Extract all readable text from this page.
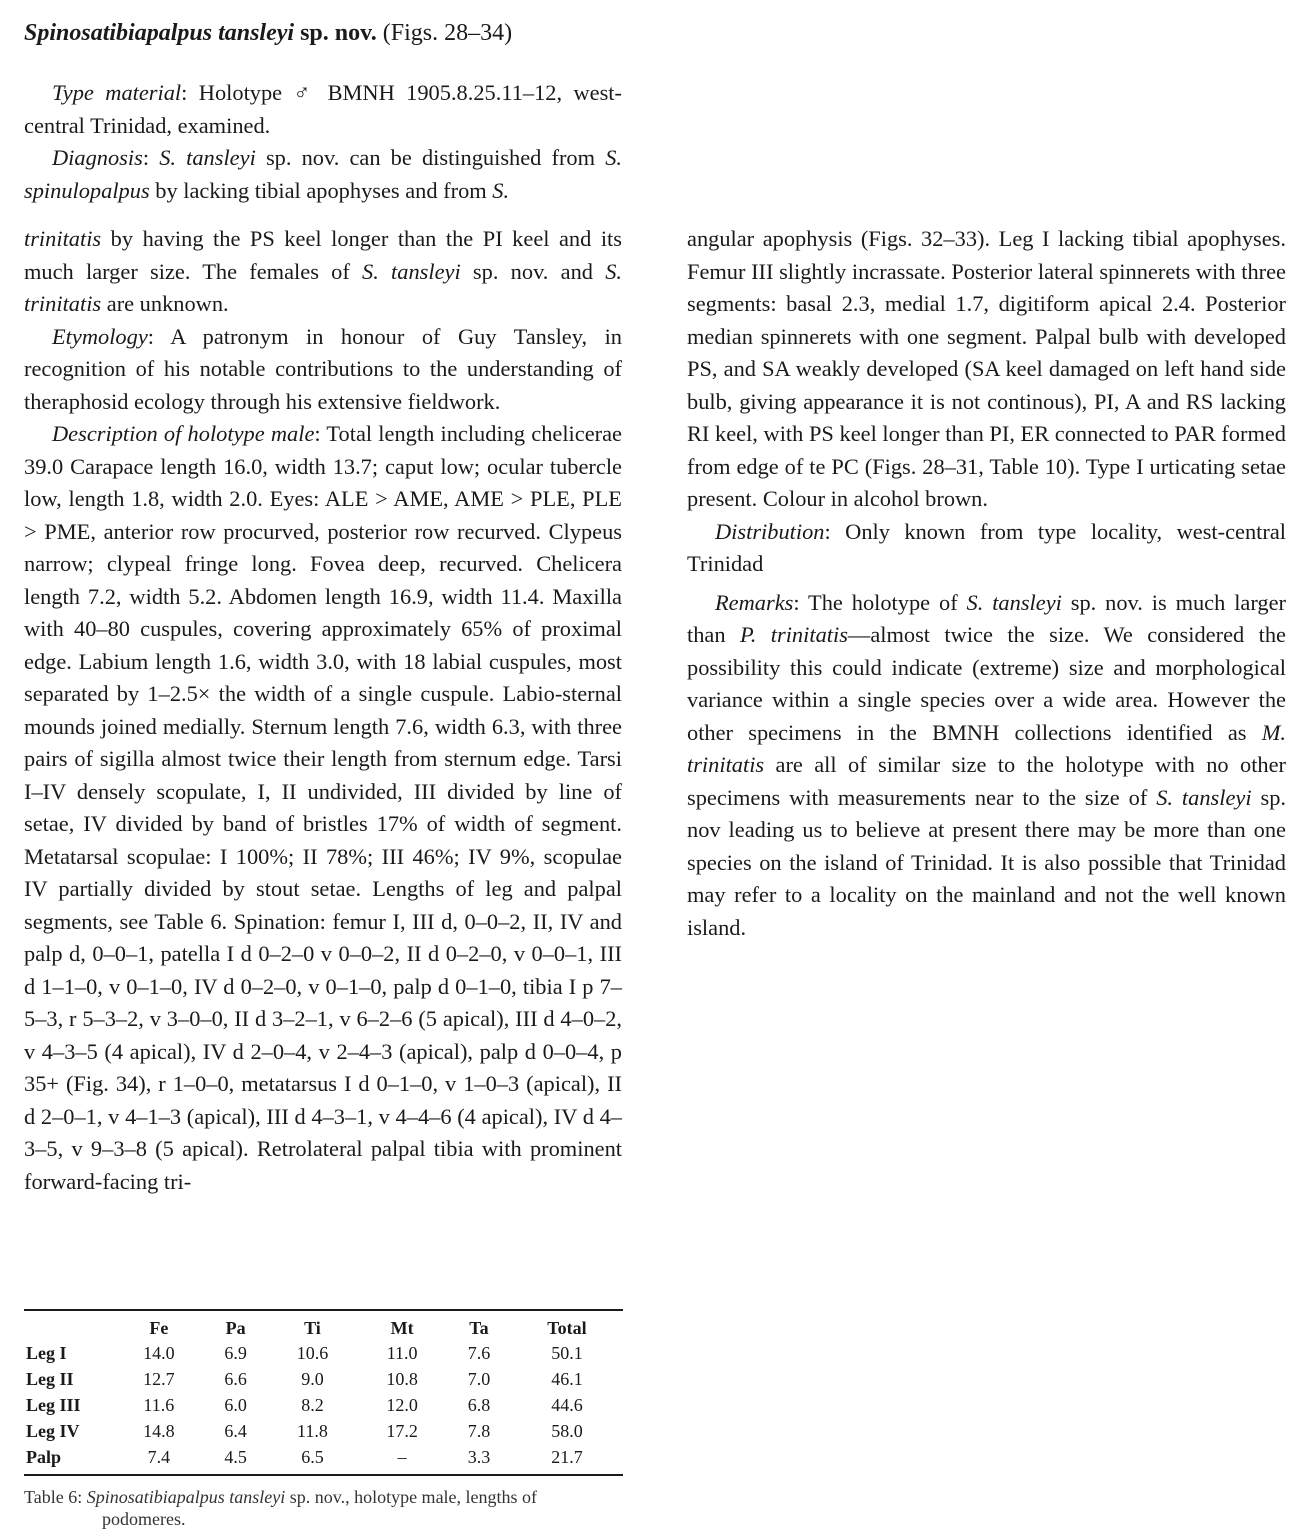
Spinosatibiapalpus tansleyi sp. nov. (Figs. 28–34)

Type material: Holotype ♂ BMNH 1905.8.25.11–12, west-central Trinidad, examined.

Diagnosis: S. tansleyi sp. nov. can be distinguished from S. spinulopalpus by lacking tibial apophyses and from S.

trinitatis by having the PS keel longer than the PI keel and its much larger size. The females of S. tansleyi sp. nov. and S. trinitatis are unknown.

Etymology: A patronym in honour of Guy Tansley, in recognition of his notable contributions to the understanding of theraphosid ecology through his extensive fieldwork.

Description of holotype male: Total length including chelicerae 39.0 Carapace length 16.0, width 13.7; caput low; ocular tubercle low, length 1.8, width 2.0. Eyes: ALE > AME, AME > PLE, PLE > PME, anterior row procurved, posterior row recurved. Clypeus narrow; clypeal fringe long. Fovea deep, recurved. Chelicera length 7.2, width 5.2. Abdomen length 16.9, width 11.4. Maxilla with 40–80 cuspules, covering approximately 65% of proximal edge. Labium length 1.6, width 3.0, with 18 labial cuspules, most separated by 1–2.5× the width of a single cuspule. Labio-sternal mounds joined medially. Sternum length 7.6, width 6.3, with three pairs of sigilla almost twice their length from sternum edge. Tarsi I–IV densely scopulate, I, II undivided, III divided by line of setae, IV divided by band of bristles 17% of width of segment. Metatarsal scopulae: I 100%; II 78%; III 46%; IV 9%, scopulae IV partially divided by stout setae. Lengths of leg and palpal segments, see Table 6. Spination: femur I, III d, 0–0–2, II, IV and palp d, 0–0–1, patella I d 0–2–0 v 0–0–2, II d 0–2–0, v 0–0–1, III d 1–1–0, v 0–1–0, IV d 0–2–0, v 0–1–0, palp d 0–1–0, tibia I p 7–5–3, r 5–3–2, v 3–0–0, II d 3–2–1, v 6–2–6 (5 apical), III d 4–0–2, v 4–3–5 (4 apical), IV d 2–0–4, v 2–4–3 (apical), palp d 0–0–4, p 35+ (Fig. 34), r 1–0–0, metatarsus I d 0–1–0, v 1–0–3 (apical), II d 2–0–1, v 4–1–3 (apical), III d 4–3–1, v 4–4–6 (4 apical), IV d 4–3–5, v 9–3–8 (5 apical). Retrolateral palpal tibia with prominent forward-facing tri-

angular apophysis (Figs. 32–33). Leg I lacking tibial apophyses. Femur III slightly incrassate. Posterior lateral spinnerets with three segments: basal 2.3, medial 1.7, digitiform apical 2.4. Posterior median spinnerets with one segment. Palpal bulb with developed PS, and SA weakly developed (SA keel damaged on left hand side bulb, giving appearance it is not continous), PI, A and RS lacking RI keel, with PS keel longer than PI, ER connected to PAR formed from edge of te PC (Figs. 28–31, Table 10). Type I urticating setae present. Colour in alcohol brown.

Distribution: Only known from type locality, west-central Trinidad

Remarks: The holotype of S. tansleyi sp. nov. is much larger than P. trinitatis—almost twice the size. We considered the possibility this could indicate (extreme) size and morphological variance within a single species over a wide area. However the other specimens in the BMNH collections identified as M. trinitatis are all of similar size to the holotype with no other specimens with measurements near to the size of S. tansleyi sp. nov leading us to believe at present there may be more than one species on the island of Trinidad. It is also possible that Trinidad may refer to a locality on the mainland and not the well known island.

	Fe	Pa	Ti	Mt	Ta	Total
Leg I	14.0	6.9	10.6	11.0	7.6	50.1
Leg II	12.7	6.6	9.0	10.8	7.0	46.1
Leg III	11.6	6.0	8.2	12.0	6.8	44.6
Leg IV	14.8	6.4	11.8	17.2	7.8	58.0
Palp	7.4	4.5	6.5	–	3.3	21.7
Table 6: Spinosatibiapalpus tansleyi sp. nov., holotype male, lengths of
podomeres.
